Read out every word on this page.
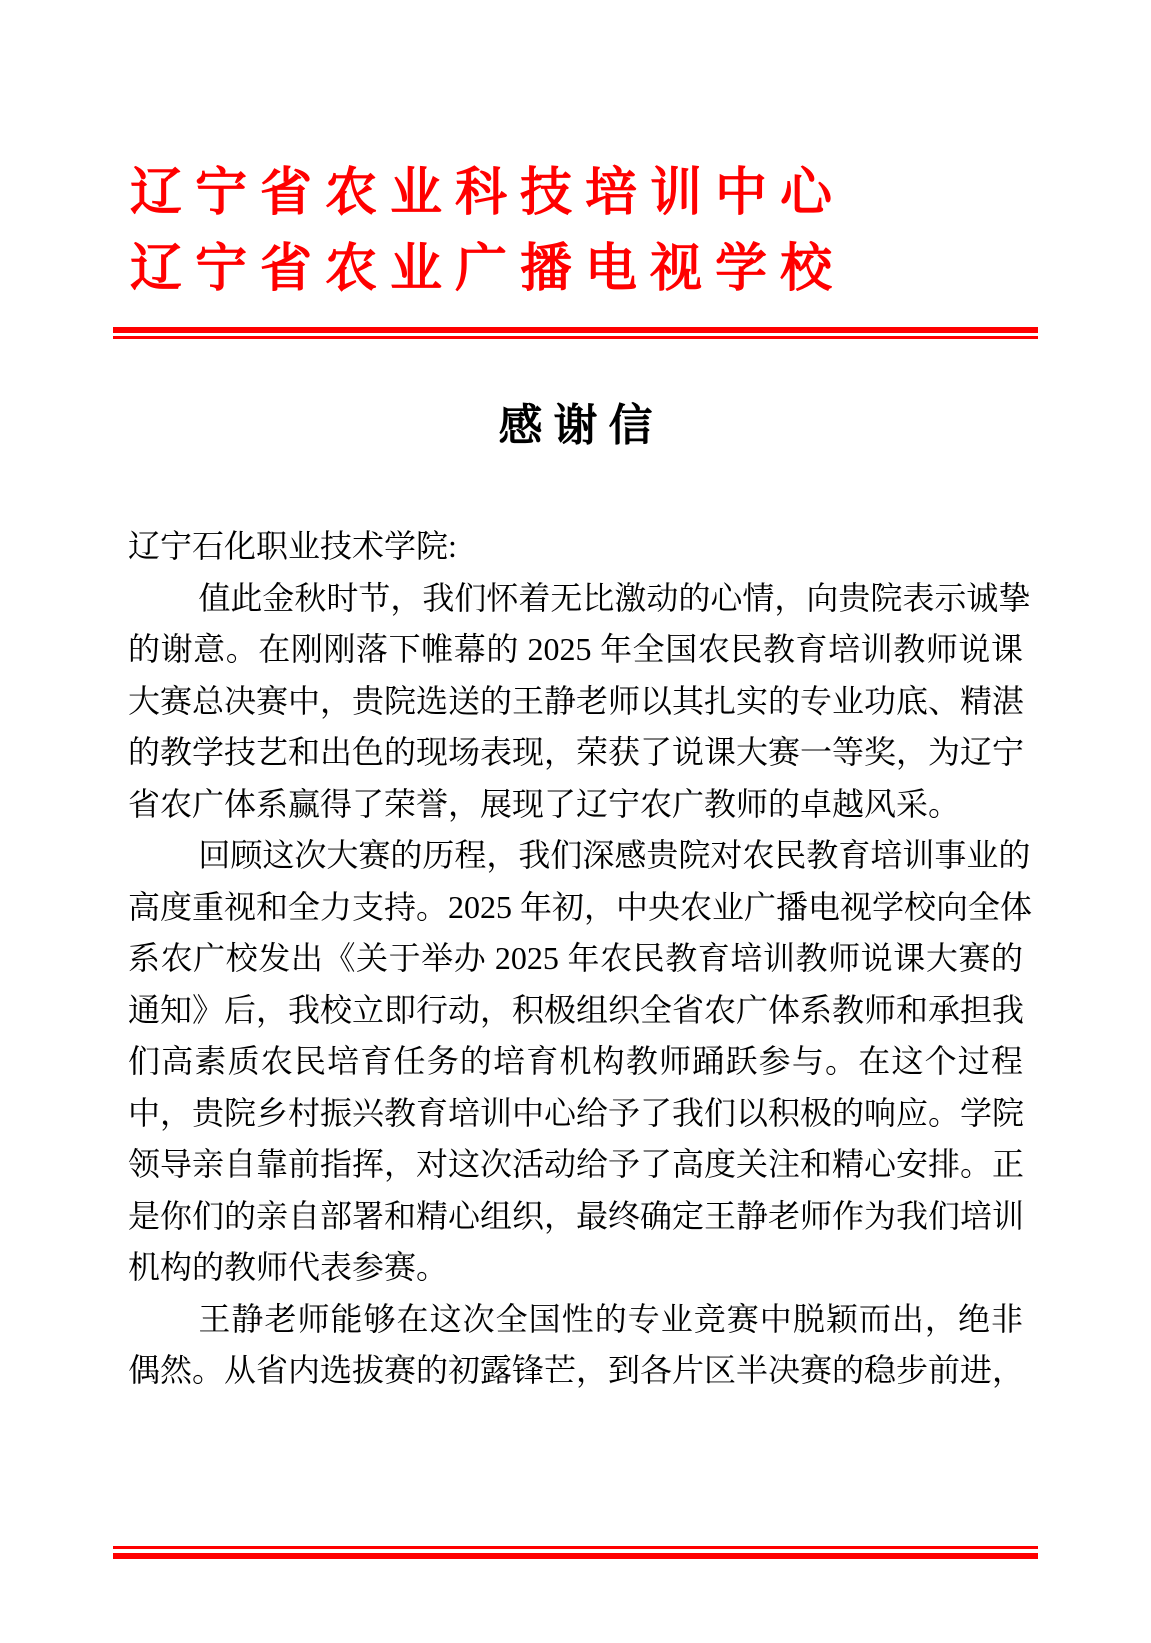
辽 宁 省 农 业 科 技 培 训 中 心
辽 宁 省 农 业 广 播 电 视 学 校
感 谢 信
辽宁石化职业技术学院:
值此金秋时节，我们怀着无比激动的心情，向贵院表示诚挚
的谢意。在刚刚落下帷幕的 2025 年全国农民教育培训教师说课
大赛总决赛中，贵院选送的王静老师以其扎实的专业功底、精湛
的教学技艺和出色的现场表现，荣获了说课大赛一等奖，为辽宁
省农广体系赢得了荣誉，展现了辽宁农广教师的卓越风采。
回顾这次大赛的历程，我们深感贵院对农民教育培训事业的
高度重视和全力支持。2025 年初，中央农业广播电视学校向全体
系农广校发出《关于举办 2025 年农民教育培训教师说课大赛的
通知》后，我校立即行动，积极组织全省农广体系教师和承担我
们高素质农民培育任务的培育机构教师踊跃参与。在这个过程
中，贵院乡村振兴教育培训中心给予了我们以积极的响应。学院
领导亲自靠前指挥，对这次活动给予了高度关注和精心安排。正
是你们的亲自部署和精心组织，最终确定王静老师作为我们培训
机构的教师代表参赛。
王静老师能够在这次全国性的专业竞赛中脱颖而出，绝非
偶然。从省内选拔赛的初露锋芒，到各片区半决赛的稳步前进，
